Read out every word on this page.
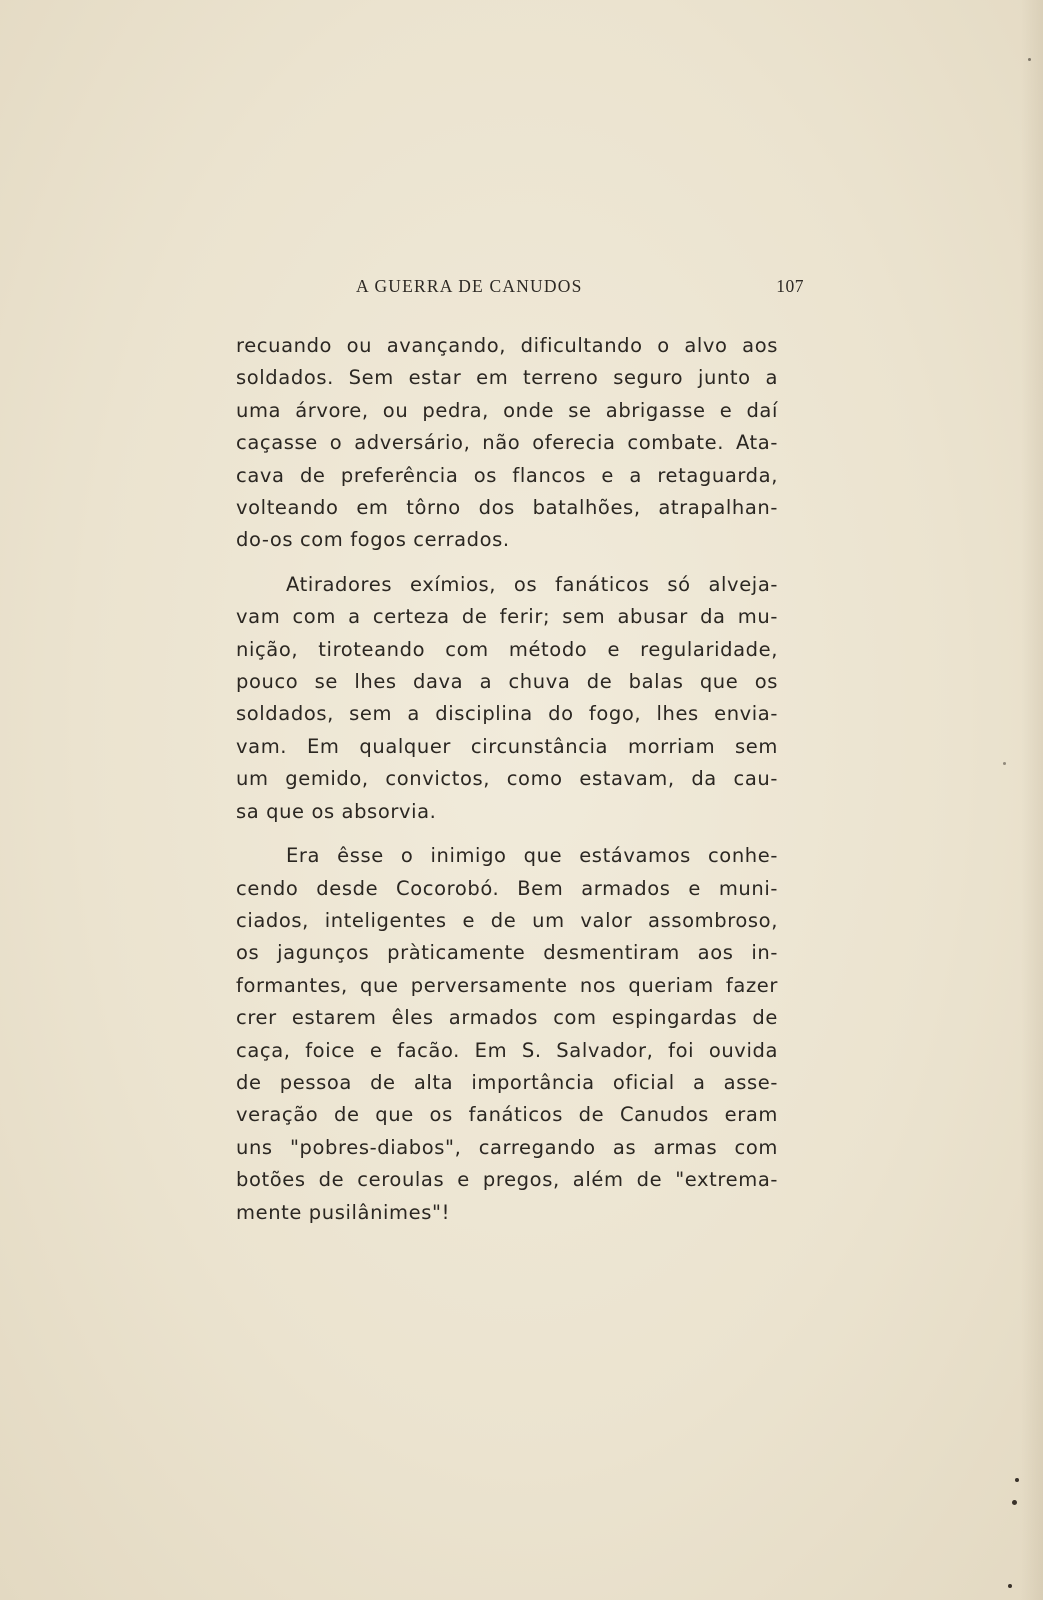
A GUERRA DE CANUDOS	107

recuando ou avançando, dificultando o alvo aos
soldados. Sem estar em terreno seguro junto a
uma árvore, ou pedra, onde se abrigasse e daí
caçasse o adversário, não oferecia combate. Ata-
cava de preferência os flancos e a retaguarda,
volteando em tôrno dos batalhões, atrapalhan-
do-os com fogos cerrados.

Atiradores exímios, os fanáticos só alveja-
vam com a certeza de ferir; sem abusar da mu-
nição, tiroteando com método e regularidade,
pouco se lhes dava a chuva de balas que os
soldados, sem a disciplina do fogo, lhes envia-
vam. Em qualquer circunstância morriam sem
um gemido, convictos, como estavam, da cau-
sa que os absorvia.

Era êsse o inimigo que estávamos conhe-
cendo desde Cocorobó. Bem armados e muni-
ciados, inteligentes e de um valor assombroso,
os jagunços pràticamente desmentiram aos in-
formantes, que perversamente nos queriam fazer
crer estarem êles armados com espingardas de
caça, foice e facão. Em S. Salvador, foi ouvida
de pessoa de alta importância oficial a asse-
veração de que os fanáticos de Canudos eram
uns "pobres-diabos", carregando as armas com
botões de ceroulas e pregos, além de "extrema-
mente pusilânimes"!
